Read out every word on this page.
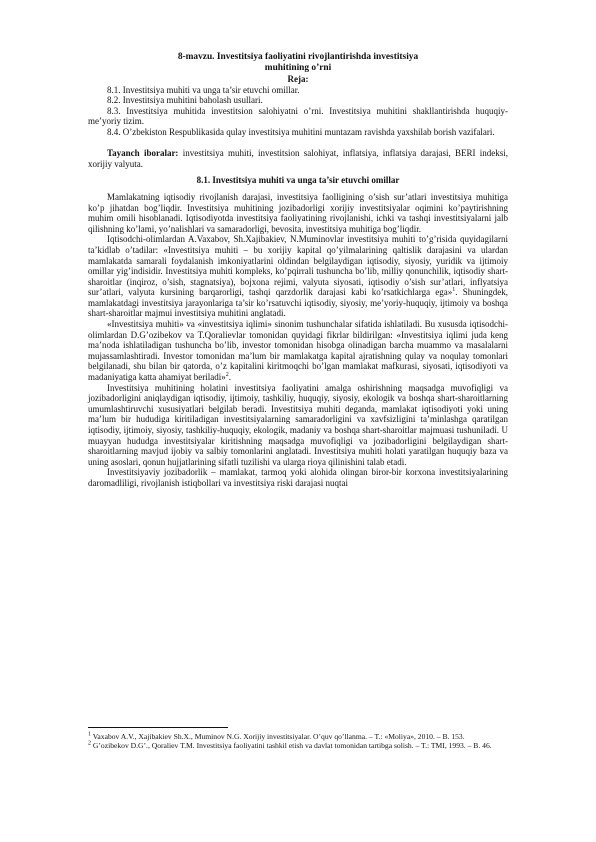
8-mavzu. Investitsiya faoliyatini rivojlantirishda investitsiya

muhitining o’rni

Reja:

8.1. Investitsiya muhiti va unga ta’sir etuvchi omillar.

8.2. Investitsiya muhitini baholash usullari.

8.3. Investitsiya muhitida investitsion salohiyatni o’rni. Investitsiya muhitini shakllantirishda huquqiy-me’yoriy tizim.

8.4. O’zbekiston Respublikasida qulay investitsiya muhitini muntazam ravishda yaxshilab borish vazifalari.

Tayanch iboralar: investitsiya muhiti, investitsion salohiyat, inflatsiya, inflatsiya darajasi, BERI indeksi, xorijiy valyuta.

8.1. Investitsiya muhiti va unga ta’sir etuvchi omillar

Mamlakatning iqtisodiy rivojlanish darajasi, investitsiya faolligining o’sish sur’atlari investitsiya muhitiga ko’p jihatdan bog’liqdir. Investitsiya muhitining jozibadorligi xorijiy investitsiyalar oqimini ko’paytirishning muhim omili hisoblanadi. Iqtisodiyotda investitsiya faoliyatining rivojlanishi, ichki va tashqi investitsiyalarni jalb qilishning ko’lami, yo’nalishlari va samaradorligi, bevosita, investitsiya muhitiga bog’liqdir.

Iqtisodchi-olimlardan A.Vaxabov, Sh.Xajibakiev, N.Muminovlar investitsiya muhiti to’g’risida quyidagilarni ta’kidlab o’tadilar: «Investitsiya muhiti – bu xorijiy kapital qo’yilmalarining qaltislik darajasini va ulardan mamlakatda samarali foydalanish imkoniyatlarini oldindan belgilaydigan iqtisodiy, siyosiy, yuridik va ijtimoiy omillar yig’indisidir. Investitsiya muhiti kompleks, ko’pqirrali tushuncha bo’lib, milliy qonunchilik, iqtisodiy shart-sharoitlar (inqiroz, o’sish, stagnatsiya), bojxona rejimi, valyuta siyosati, iqtisodiy o’sish sur’atlari, inflyatsiya sur’atlari, valyuta kursining barqarorligi, tashqi qarzdorlik darajasi kabi ko’rsatkichlarga ega»$^1$. Shuningdek, mamlakatdagi investitsiya jarayonlariga ta’sir ko’rsatuvchi iqtisodiy, siyosiy, me’yoriy-huquqiy, ijtimoiy va boshqa shart-sharoitlar majmui investitsiya muhitini anglatadi.

«Investitsiya muhiti» va «investitsiya iqlimi» sinonim tushunchalar sifatida ishlatiladi. Bu xususda iqtisodchi-olimlardan D.G’ozibekov va T.Qoralievlar tomonidan quyidagi fikrlar bildirilgan: «Investitsiya iqlimi juda keng ma’noda ishlatiladigan tushuncha bo’lib, investor tomonidan hisobga olinadigan barcha muammo va masalalarni mujassamlashtiradi. Investor tomonidan ma’lum bir mamlakatga kapital ajratishning qulay va noqulay tomonlari belgilanadi, shu bilan bir qatorda, o’z kapitalini kiritmoqchi bo’lgan mamlakat mafkurasi, siyosati, iqtisodiyoti va madaniyatiga katta ahamiyat beriladi»$^2$.

Investitsiya muhitining holatini investitsiya faoliyatini amalga oshirishning maqsadga muvofiqligi va jozibadorligini aniqlaydigan iqtisodiy, ijtimoiy, tashkiliy, huquqiy, siyosiy, ekologik va boshqa shart-sharoitlarning umumlashtiruvchi xususiyatlari belgilab beradi. Investitsiya muhiti deganda, mamlakat iqtisodiyoti yoki uning ma’lum bir hududiga kiritiladigan investitsiyalarning samaradorligini va xavfsizligini ta’minlashga qaratilgan iqtisodiy, ijtimoiy, siyosiy, tashkiliy-huquqiy, ekologik, madaniy va boshqa shart-sharoitlar majmuasi tushuniladi. U muayyan hududga investitsiyalar kiritishning maqsadga muvofiqligi va jozibadorligini belgilaydigan shart-sharoitlarning mavjud ijobiy va salbiy tomonlarini anglatadi. Investitsiya muhiti holati yaratilgan huquqiy baza va uning asoslari, qonun hujjatlarining sifatli tuzilishi va ularga rioya qilinishini talab etadi.

Investitsiyaviy jozibadorlik – mamlakat, tarmoq yoki alohida olingan biror-bir korxona investitsiyalarining daromadliligi, rivojlanish istiqbollari va investitsiya riski darajasi nuqtai

$^1$ Vaxabov A.V., Xajibakiev Sh.X., Muminov N.G. Xorijiy investitsiyalar. O’quv qo’llanma. – T.: «Moliya», 2010. – B. 153.

$^2$ G’ozibekov D.G’., Qoraliev T.M. Investitsiya faoliyatini tashkil etish va davlat tomonidan tartibga solish. – T.: TMI, 1993. – B. 46.
